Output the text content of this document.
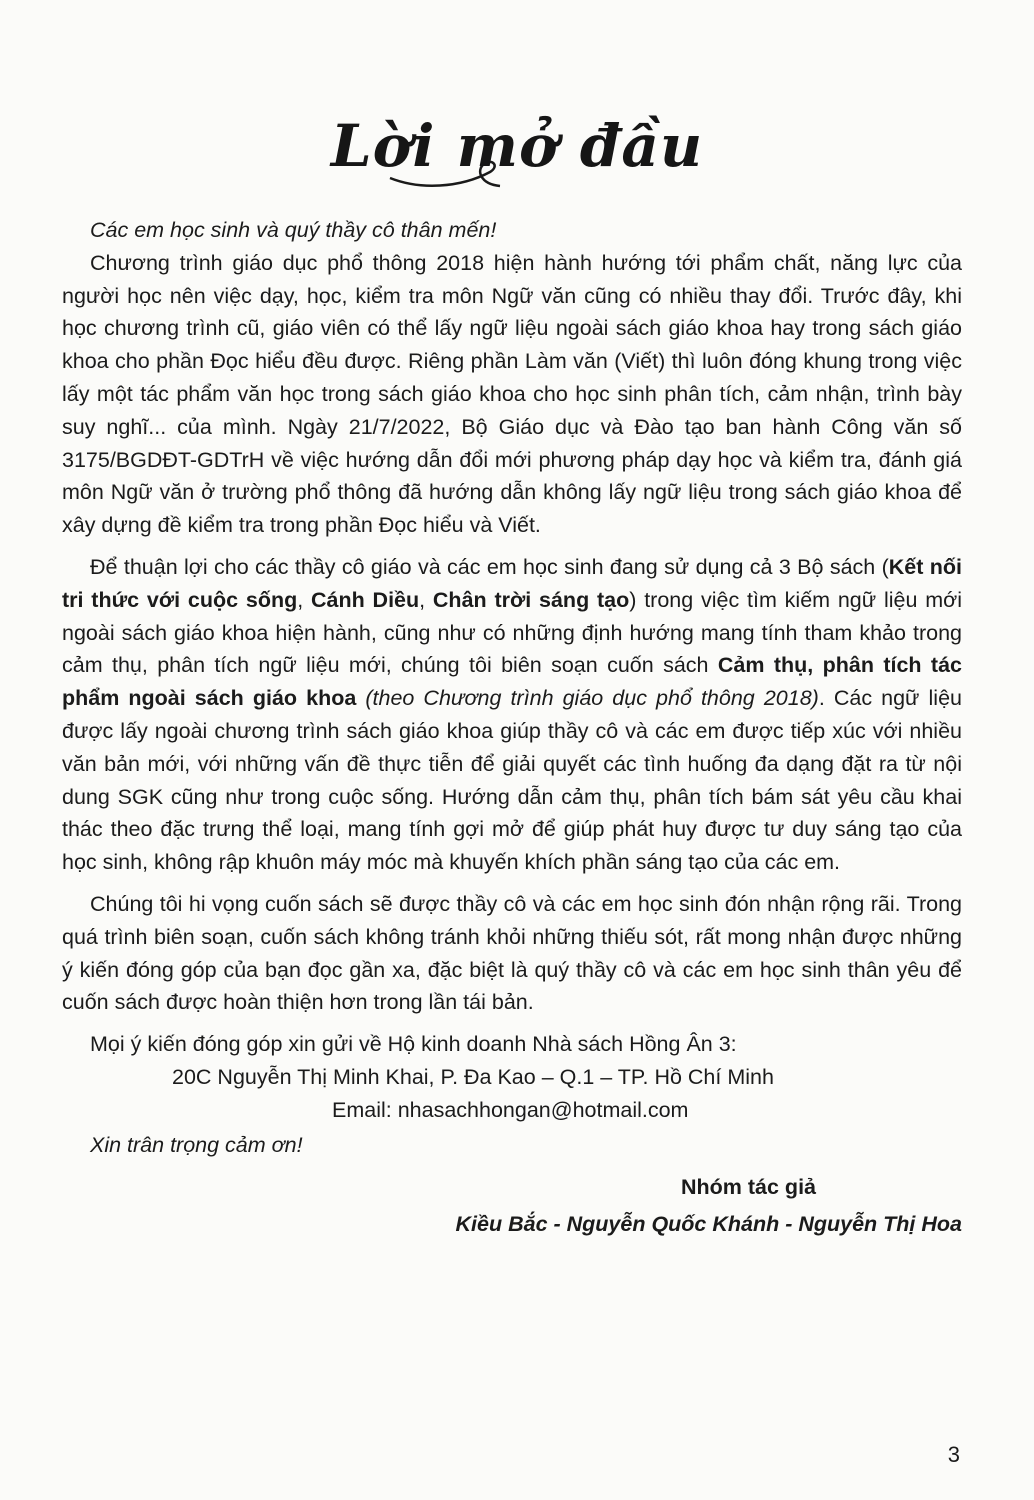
Lời mở đầu

Các em học sinh và quý thầy cô thân mến!

Chương trình giáo dục phổ thông 2018 hiện hành hướng tới phẩm chất, năng lực của người học nên việc dạy, học, kiểm tra môn Ngữ văn cũng có nhiều thay đổi. Trước đây, khi học chương trình cũ, giáo viên có thể lấy ngữ liệu ngoài sách giáo khoa hay trong sách giáo khoa cho phần Đọc hiểu đều được. Riêng phần Làm văn (Viết) thì luôn đóng khung trong việc lấy một tác phẩm văn học trong sách giáo khoa cho học sinh phân tích, cảm nhận, trình bày suy nghĩ... của mình. Ngày 21/7/2022, Bộ Giáo dục và Đào tạo ban hành Công văn số 3175/BGDĐT-GDTrH về việc hướng dẫn đổi mới phương pháp dạy học và kiểm tra, đánh giá môn Ngữ văn ở trường phổ thông đã hướng dẫn không lấy ngữ liệu trong sách giáo khoa để xây dựng đề kiểm tra trong phần Đọc hiểu và Viết.

Để thuận lợi cho các thầy cô giáo và các em học sinh đang sử dụng cả 3 Bộ sách (Kết nối tri thức với cuộc sống, Cánh Diều, Chân trời sáng tạo) trong việc tìm kiếm ngữ liệu mới ngoài sách giáo khoa hiện hành, cũng như có những định hướng mang tính tham khảo trong cảm thụ, phân tích ngữ liệu mới, chúng tôi biên soạn cuốn sách Cảm thụ, phân tích tác phẩm ngoài sách giáo khoa (theo Chương trình giáo dục phổ thông 2018). Các ngữ liệu được lấy ngoài chương trình sách giáo khoa giúp thầy cô và các em được tiếp xúc với nhiều văn bản mới, với những vấn đề thực tiễn để giải quyết các tình huống đa dạng đặt ra từ nội dung SGK cũng như trong cuộc sống. Hướng dẫn cảm thụ, phân tích bám sát yêu cầu khai thác theo đặc trưng thể loại, mang tính gợi mở để giúp phát huy được tư duy sáng tạo của học sinh, không rập khuôn máy móc mà khuyến khích phần sáng tạo của các em.

Chúng tôi hi vọng cuốn sách sẽ được thầy cô và các em học sinh đón nhận rộng rãi. Trong quá trình biên soạn, cuốn sách không tránh khỏi những thiếu sót, rất mong nhận được những ý kiến đóng góp của bạn đọc gần xa, đặc biệt là quý thầy cô và các em học sinh thân yêu để cuốn sách được hoàn thiện hơn trong lần tái bản.

Mọi ý kiến đóng góp xin gửi về Hộ kinh doanh Nhà sách Hồng Ân 3:

20C Nguyễn Thị Minh Khai, P. Đa Kao – Q.1 – TP. Hồ Chí Minh

Email: nhasachhongan@hotmail.com

Xin trân trọng cảm ơn!

Nhóm tác giả

Kiều Bắc - Nguyễn Quốc Khánh - Nguyễn Thị Hoa

3
